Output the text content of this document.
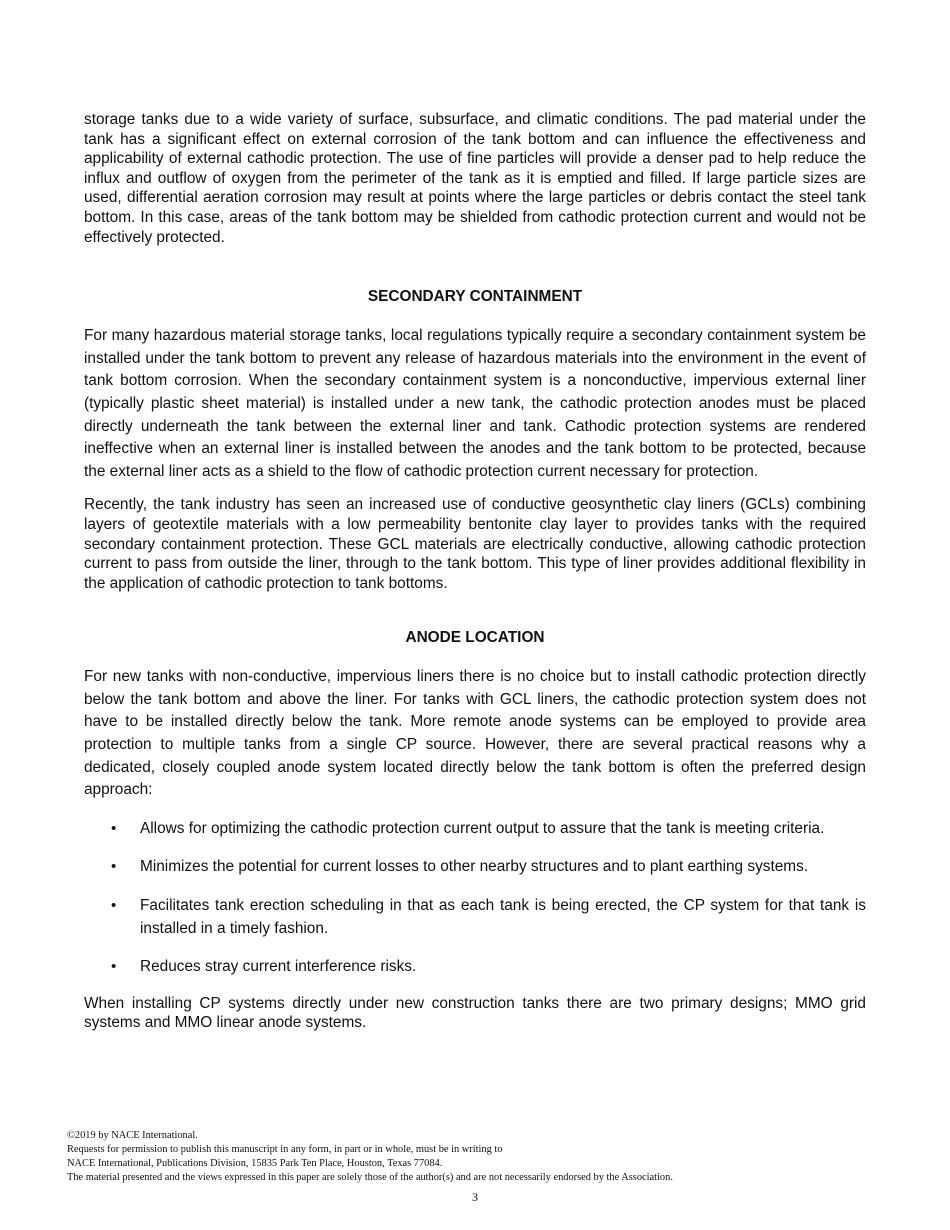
storage tanks due to a wide variety of surface, subsurface, and climatic conditions. The pad material under the tank has a significant effect on external corrosion of the tank bottom and can influence the effectiveness and applicability of external cathodic protection. The use of fine particles will provide a denser pad to help reduce the influx and outflow of oxygen from the perimeter of the tank as it is emptied and filled. If large particle sizes are used, differential aeration corrosion may result at points where the large particles or debris contact the steel tank bottom. In this case, areas of the tank bottom may be shielded from cathodic protection current and would not be effectively protected.

SECONDARY CONTAINMENT

For many hazardous material storage tanks, local regulations typically require a secondary containment system be installed under the tank bottom to prevent any release of hazardous materials into the environment in the event of tank bottom corrosion. When the secondary containment system is a nonconductive, impervious external liner (typically plastic sheet material) is installed under a new tank, the cathodic protection anodes must be placed directly underneath the tank between the external liner and tank. Cathodic protection systems are rendered ineffective when an external liner is installed between the anodes and the tank bottom to be protected, because the external liner acts as a shield to the flow of cathodic protection current necessary for protection.

Recently, the tank industry has seen an increased use of conductive geosynthetic clay liners (GCLs) combining layers of geotextile materials with a low permeability bentonite clay layer to provides tanks with the required secondary containment protection. These GCL materials are electrically conductive, allowing cathodic protection current to pass from outside the liner, through to the tank bottom. This type of liner provides additional flexibility in the application of cathodic protection to tank bottoms.

ANODE LOCATION

For new tanks with non-conductive, impervious liners there is no choice but to install cathodic protection directly below the tank bottom and above the liner. For tanks with GCL liners, the cathodic protection system does not have to be installed directly below the tank. More remote anode systems can be employed to provide area protection to multiple tanks from a single CP source. However, there are several practical reasons why a dedicated, closely coupled anode system located directly below the tank bottom is often the preferred design approach:

• Allows for optimizing the cathodic protection current output to assure that the tank is meeting criteria.
• Minimizes the potential for current losses to other nearby structures and to plant earthing systems.
• Facilitates tank erection scheduling in that as each tank is being erected, the CP system for that tank is installed in a timely fashion.
• Reduces stray current interference risks.

When installing CP systems directly under new construction tanks there are two primary designs; MMO grid systems and MMO linear anode systems.

©2019 by NACE International.
Requests for permission to publish this manuscript in any form, in part or in whole, must be in writing to
NACE International, Publications Division, 15835 Park Ten Place, Houston, Texas 77084.
The material presented and the views expressed in this paper are solely those of the author(s) and are not necessarily endorsed by the Association.
3
